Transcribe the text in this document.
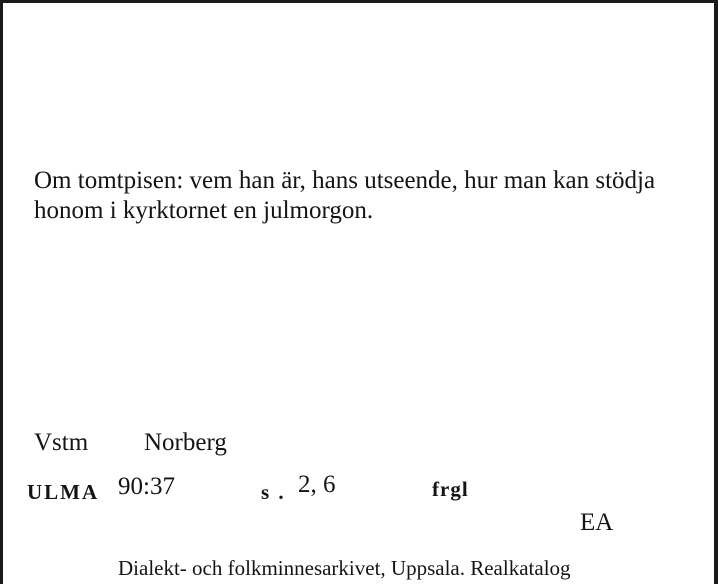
Om tomtpisen: vem han är, hans utseende, hur man kan stödja honom i kyrktornet en julmorgon.
Vstm Norberg
ULMA 90:37	s . 2, 6	frgl
EA
Dialekt- och folkminnesarkivet, Uppsala. Realkatalog
